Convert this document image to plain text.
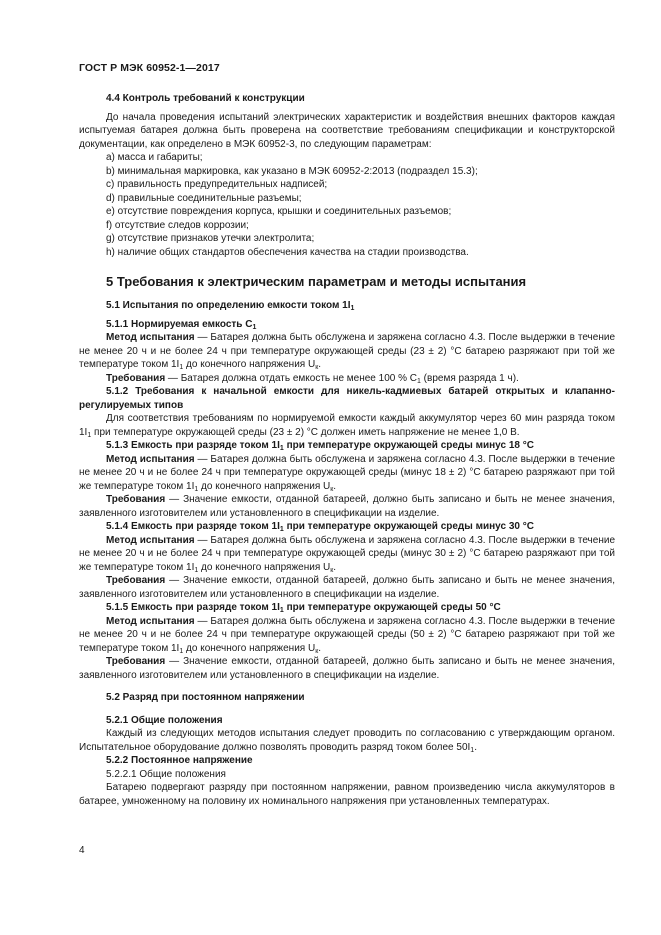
ГОСТ Р МЭК 60952-1—2017

4.4 Контроль требований к конструкции

До начала проведения испытаний электрических характеристик и воздействия внешних факторов каждая испытуемая батарея должна быть проверена на соответствие требованиям спецификации и конструкторской документации, как определено в МЭК 60952-3, по следующим параметрам:

а) масса и габариты;

b) минимальная маркировка, как указано в МЭК 60952-2:2013 (подраздел 15.3);

c) правильность предупредительных надписей;

d) правильные соединительные разъемы;

e) отсутствие повреждения корпуса, крышки и соединительных разъемов;

f) отсутствие следов коррозии;

g) отсутствие признаков утечки электролита;

h) наличие общих стандартов обеспечения качества на стадии производства.

5 Требования к электрическим параметрам и методы испытания

5.1 Испытания по определению емкости током $1I_1$

5.1.1 Нормируемая емкость $C_1$

Метод испытания — Батарея должна быть обслужена и заряжена согласно 4.3. После выдержки в течение не менее 20 ч и не более 24 ч при температуре окружающей среды (23 ± 2) °С батарею разряжают при той же температуре током $1I_1$ до конечного напряжения $U_к$.

Требования — Батарея должна отдать емкость не менее 100 % $C_1$ (время разряда 1 ч).

5.1.2 Требования к начальной емкости для никель-кадмиевых батарей открытых и клапанно-регулируемых типов

Для соответствия требованиям по нормируемой емкости каждый аккумулятор через 60 мин разряда током $1I_1$ при температуре окружающей среды (23 ± 2) °С должен иметь напряжение не менее 1,0 В.

5.1.3 Емкость при разряде током $1I_1$ при температуре окружающей среды минус 18 °С

Метод испытания — Батарея должна быть обслужена и заряжена согласно 4.3. После выдержки в течение не менее 20 ч и не более 24 ч при температуре окружающей среды (минус 18 ± 2) °С батарею разряжают при той же температуре током $1I_1$ до конечного напряжения $U_к$.

Требования — Значение емкости, отданной батареей, должно быть записано и быть не менее значения, заявленного изготовителем или установленного в спецификации на изделие.

5.1.4 Емкость при разряде током $1I_1$ при температуре окружающей среды минус 30 °С

Метод испытания — Батарея должна быть обслужена и заряжена согласно 4.3. После выдержки в течение не менее 20 ч и не более 24 ч при температуре окружающей среды (минус 30 ± 2) °С батарею разряжают при той же температуре током $1I_1$ до конечного напряжения $U_к$.

Требования — Значение емкости, отданной батареей, должно быть записано и быть не менее значения, заявленного изготовителем или установленного в спецификации на изделие.

5.1.5 Емкость при разряде током $1I_1$ при температуре окружающей среды 50 °С

Метод испытания — Батарея должна быть обслужена и заряжена согласно 4.3. После выдержки в течение не менее 20 ч и не более 24 ч при температуре окружающей среды (50 ± 2) °С батарею разряжают при той же температуре током $1I_1$ до конечного напряжения $U_к$.

Требования — Значение емкости, отданной батареей, должно быть записано и быть не менее значения, заявленного изготовителем или установленного в спецификации на изделие.

5.2 Разряд при постоянном напряжении

5.2.1 Общие положения

Каждый из следующих методов испытания следует проводить по согласованию с утверждающим органом. Испытательное оборудование должно позволять проводить разряд током более $50I_1$.

5.2.2 Постоянное напряжение

5.2.2.1 Общие положения

Батарею подвергают разряду при постоянном напряжении, равном произведению числа аккумуляторов в батарее, умноженному на половину их номинального напряжения при установленных температурах.

4
